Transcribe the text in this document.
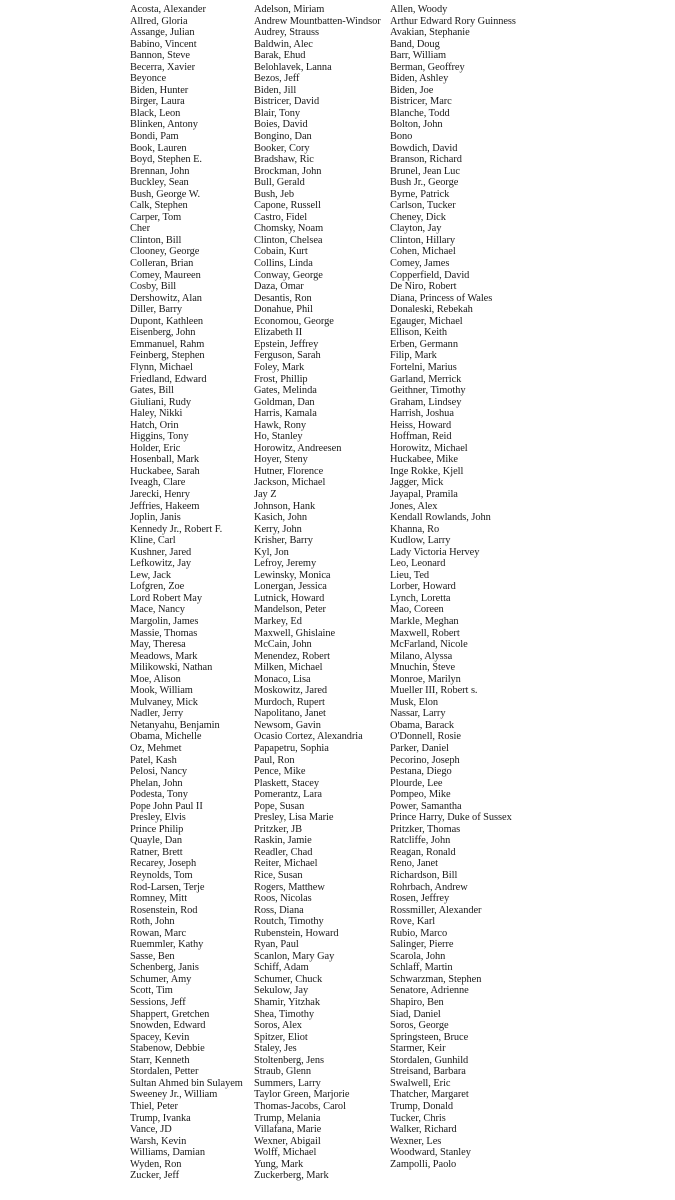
Acosta, Alexander
Allred, Gloria
Assange, Julian
Babino, Vincent
Bannon, Steve
Becerra, Xavier
Beyonce
Biden, Hunter
Birger, Laura
Black, Leon
Blinken, Antony
Bondi, Pam
Book, Lauren
Boyd, Stephen E.
Brennan, John
Buckley, Sean
Bush, George W.
Calk, Stephen
Carper, Tom
Cher
Clinton, Bill
Clooney, George
Colleran, Brian
Comey, Maureen
Cosby, Bill
Dershowitz, Alan
Diller, Barry
Dupont, Kathleen
Eisenberg, John
Emmanuel, Rahm
Feinberg, Stephen
Flynn, Michael
Friedland, Edward
Gates, Bill
Giuliani, Rudy
Haley, Nikki
Hatch, Orin
Higgins, Tony
Holder, Eric
Hosenball, Mark
Huckabee, Sarah
Iveagh, Clare
Jarecki, Henry
Jeffries, Hakeem
Joplin, Janis
Kennedy Jr., Robert F.
Kline, Carl
Kushner, Jared
Lefkowitz, Jay
Lew, Jack
Lofgren, Zoe
Lord Robert May
Mace, Nancy
Margolin, James
Massie, Thomas
May, Theresa
Meadows, Mark
Milikowski, Nathan
Moe, Alison
Mook, William
Mulvaney, Mick
Nadler, Jerry
Netanyahu, Benjamin
Obama, Michelle
Oz, Mehmet
Patel, Kash
Pelosi, Nancy
Phelan, John
Podesta, Tony
Pope John Paul II
Presley, Elvis
Prince Philip
Quayle, Dan
Ratner, Brett
Recarey, Joseph
Reynolds, Tom
Rod-Larsen, Terje
Romney, Mitt
Rosenstein, Rod
Roth, John
Rowan, Marc
Ruemmler, Kathy
Sasse, Ben
Schenberg, Janis
Schumer, Amy
Scott, Tim
Sessions, Jeff
Shappert, Gretchen
Snowden, Edward
Spacey, Kevin
Stabenow, Debbie
Starr, Kenneth
Stordalen, Petter
Sultan Ahmed bin Sulayem
Sweeney Jr., William
Thiel, Peter
Trump, Ivanka
Vance, JD
Warsh, Kevin
Williams, Damian
Wyden, Ron
Zucker, Jeff
Adelson, Miriam
Andrew Mountbatten-Windsor
Audrey, Strauss
Baldwin, Alec
Barak, Ehud
Belohlavek, Lanna
Bezos, Jeff
Biden, Jill
Bistricer, David
Blair, Tony
Boies, David
Bongino, Dan
Booker, Cory
Bradshaw, Ric
Brockman, John
Bull, Gerald
Bush, Jeb
Capone, Russell
Castro, Fidel
Chomsky, Noam
Clinton, Chelsea
Cobain, Kurt
Collins, Linda
Conway, George
Daza, Omar
Desantis, Ron
Donahue, Phil
Economou, George
Elizabeth II
Epstein, Jeffrey
Ferguson, Sarah
Foley, Mark
Frost, Phillip
Gates, Melinda
Goldman, Dan
Harris, Kamala
Hawk, Rony
Ho, Stanley
Horowitz, Andreesen
Hoyer, Steny
Hutner, Florence
Jackson, Michael
Jay Z
Johnson, Hank
Kasich, John
Kerry, John
Krisher, Barry
Kyl, Jon
Lefroy, Jeremy
Lewinsky, Monica
Lonergan, Jessica
Lutnick, Howard
Mandelson, Peter
Markey, Ed
Maxwell, Ghislaine
McCain, John
Menendez, Robert
Milken, Michael
Monaco, Lisa
Moskowitz, Jared
Murdoch, Rupert
Napolitano, Janet
Newsom, Gavin
Ocasio Cortez, Alexandria
Papapetru, Sophia
Paul, Ron
Pence, Mike
Plaskett, Stacey
Pomerantz, Lara
Pope, Susan
Presley, Lisa Marie
Pritzker, JB
Raskin, Jamie
Readler, Chad
Reiter, Michael
Rice, Susan
Rogers, Matthew
Roos, Nicolas
Ross, Diana
Routch, Timothy
Rubenstein, Howard
Ryan, Paul
Scanlon, Mary Gay
Schiff, Adam
Schumer, Chuck
Sekulow, Jay
Shamir, Yitzhak
Shea, Timothy
Soros, Alex
Spitzer, Eliot
Staley, Jes
Stoltenberg, Jens
Straub, Glenn
Summers, Larry
Taylor Green, Marjorie
Thomas-Jacobs, Carol
Trump, Melania
Villafana, Marie
Wexner, Abigail
Wolff, Michael
Yung, Mark
Zuckerberg, Mark
Allen, Woody
Arthur Edward Rory Guinness
Avakian, Stephanie
Band, Doug
Barr, William
Berman, Geoffrey
Biden, Ashley
Biden, Joe
Bistricer, Marc
Blanche, Todd
Bolton, John
Bono
Bowdich, David
Branson, Richard
Brunel, Jean Luc
Bush Jr., George
Byrne, Patrick
Carlson, Tucker
Cheney, Dick
Clayton, Jay
Clinton, Hillary
Cohen, Michael
Comey, James
Copperfield, David
De Niro, Robert
Diana, Princess of Wales
Donaleski, Rebekah
Egauger, Michael
Ellison, Keith
Erben, Germann
Filip, Mark
Fortelni, Marius
Garland, Merrick
Geithner, Timothy
Graham, Lindsey
Harrish, Joshua
Heiss, Howard
Hoffman, Reid
Horowitz, Michael
Huckabee, Mike
Inge Rokke, Kjell
Jagger, Mick
Jayapal, Pramila
Jones, Alex
Kendall Rowlands, John
Khanna, Ro
Kudlow, Larry
Lady Victoria Hervey
Leo, Leonard
Lieu, Ted
Lorber, Howard
Lynch, Loretta
Mao, Coreen
Markle, Meghan
Maxwell, Robert
McFarland, Nicole
Milano, Alyssa
Mnuchin, Steve
Monroe, Marilyn
Mueller III, Robert s.
Musk, Elon
Nassar, Larry
Obama, Barack
O'Donnell, Rosie
Parker, Daniel
Pecorino, Joseph
Pestana, Diego
Plourde, Lee
Pompeo, Mike
Power, Samantha
Prince Harry, Duke of Sussex
Pritzker, Thomas
Ratcliffe, John
Reagan, Ronald
Reno, Janet
Richardson, Bill
Rohrbach, Andrew
Rosen, Jeffrey
Rossmiller, Alexander
Rove, Karl
Rubio, Marco
Salinger, Pierre
Scarola, John
Schlaff, Martin
Schwarzman, Stephen
Senatore, Adrienne
Shapiro, Ben
Siad, Daniel
Soros, George
Springsteen, Bruce
Starmer, Keir
Stordalen, Gunhild
Streisand, Barbara
Swalwell, Eric
Thatcher, Margaret
Trump, Donald
Tucker, Chris
Walker, Richard
Wexner, Les
Woodward, Stanley
Zampolli, Paolo
